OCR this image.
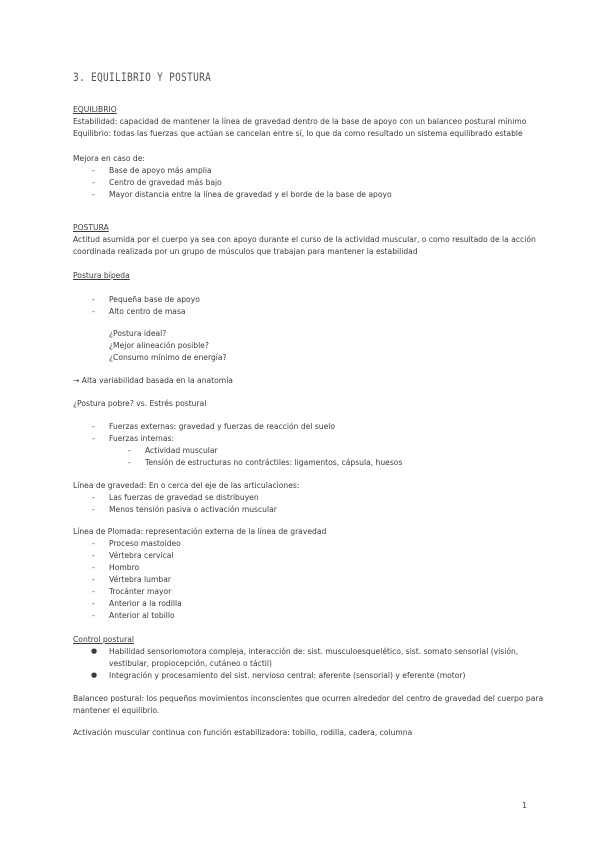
3. EQUILIBRIO Y POSTURA
EQUILIBRIO
Estabilidad: capacidad de mantener la línea de gravedad dentro de la base de apoyo con un balanceo postural mínimo
Equilibrio: todas las fuerzas que actúan se cancelan entre sí, lo que da como resultado un sistema equilibrado estable
Mejora en caso de:
- Base de apoyo más amplia
- Centro de gravedad más bajo
- Mayor distancia entre la línea de gravedad y el borde de la base de apoyo
POSTURA
Actitud asumida por el cuerpo ya sea con apoyo durante el curso de la actividad muscular, o como resultado de la acción
coordinada realizada por un grupo de músculos que trabajan para mantener la estabilidad
Postura bípeda
- Pequeña base de apoyo
- Alto centro de masa
¿Postura ideal?
¿Mejor alineación posible?
¿Consumo mínimo de energía?
→ Alta variabilidad basada en la anatomía
¿Postura pobre? vs. Estrés postural
- Fuerzas externas: gravedad y fuerzas de reacción del suelo
- Fuerzas internas:
- Actividad muscular
- Tensión de estructuras no contráctiles: ligamentos, cápsula, huesos
Línea de gravedad: En o cerca del eje de las articulaciones:
- Las fuerzas de gravedad se distribuyen
- Menos tensión pasiva o activación muscular
Línea de Plomada: representación externa de la línea de gravedad
- Proceso mastoideo
- Vértebra cervical
- Hombro
- Vértebra lumbar
- Trocánter mayor
- Anterior a la rodilla
- Anterior al tobillo
Control postural
● Habilidad sensoriomotora compleja, interacción de: sist. musculoesquelético, sist. somato sensorial (visión,
vestibular, propiocepción, cutáneo o táctil)
● Integración y procesamiento del sist. nervioso central: aferente (sensorial) y eferente (motor)
Balanceo postural: los pequeños movimientos inconscientes que ocurren alrededor del centro de gravedad del cuerpo para
mantener el equilibrio.
Activación muscular continua con función estabilizadora: tobillo, rodilla, cadera, columna
1
